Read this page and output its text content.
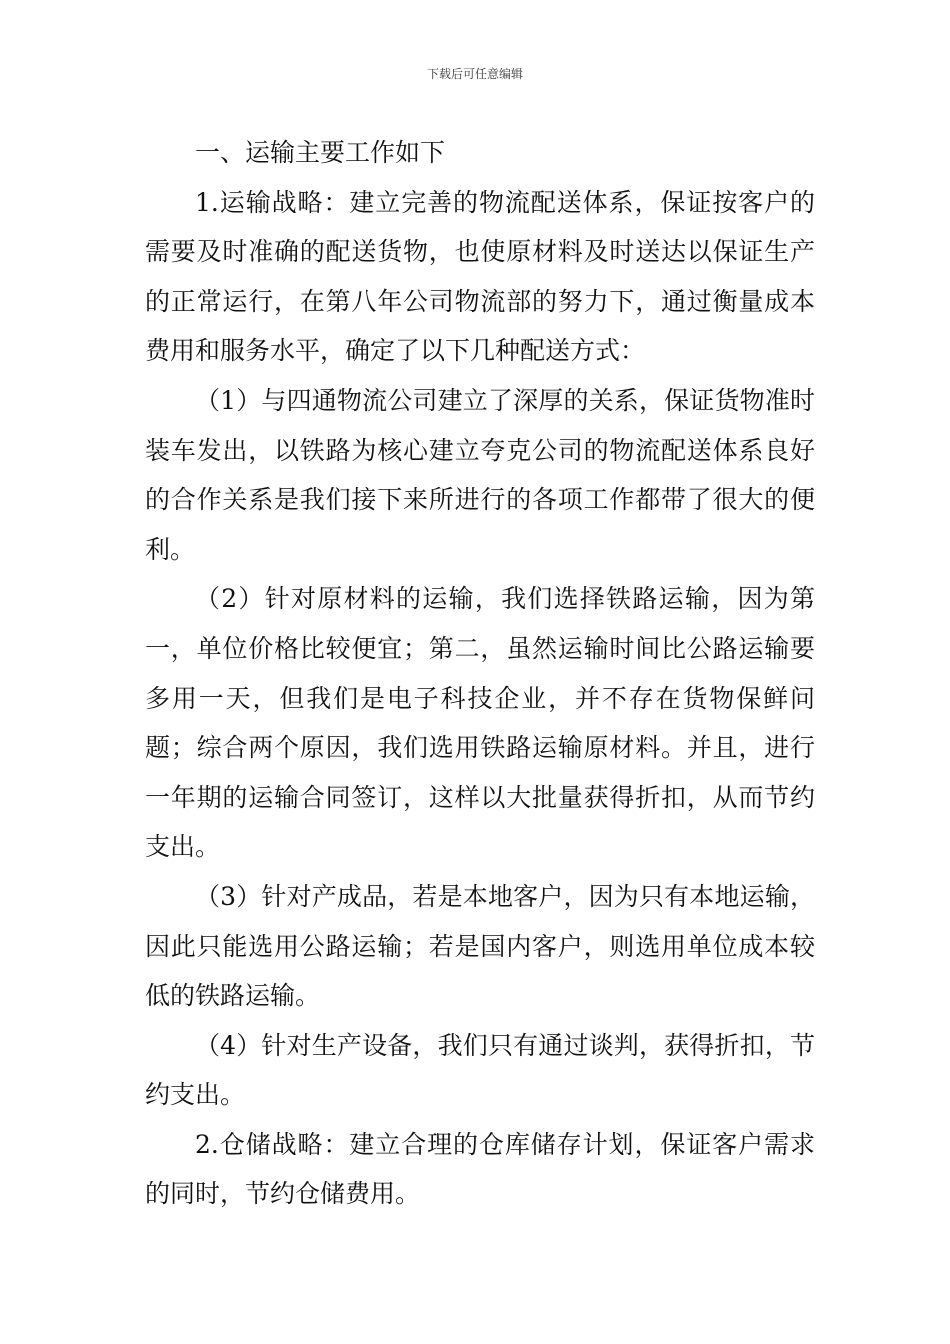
下载后可任意编辑

一、运输主要工作如下

1.运输战略：建立完善的物流配送体系，保证按客户的需要及时准确的配送货物，也使原材料及时送达以保证生产的正常运行，在第八年公司物流部的努力下，通过衡量成本费用和服务水平，确定了以下几种配送方式：

（1）与四通物流公司建立了深厚的关系，保证货物准时装车发出，以铁路为核心建立夸克公司的物流配送体系良好的合作关系是我们接下来所进行的各项工作都带了很大的便利。

（2）针对原材料的运输，我们选择铁路运输，因为第一，单位价格比较便宜；第二，虽然运输时间比公路运输要多用一天，但我们是电子科技企业，并不存在货物保鲜问题；综合两个原因，我们选用铁路运输原材料。并且，进行一年期的运输合同签订，这样以大批量获得折扣，从而节约支出。

（3）针对产成品，若是本地客户，因为只有本地运输，因此只能选用公路运输；若是国内客户，则选用单位成本较低的铁路运输。

（4）针对生产设备，我们只有通过谈判，获得折扣，节约支出。

2.仓储战略：建立合理的仓库储存计划，保证客户需求的同时，节约仓储费用。
